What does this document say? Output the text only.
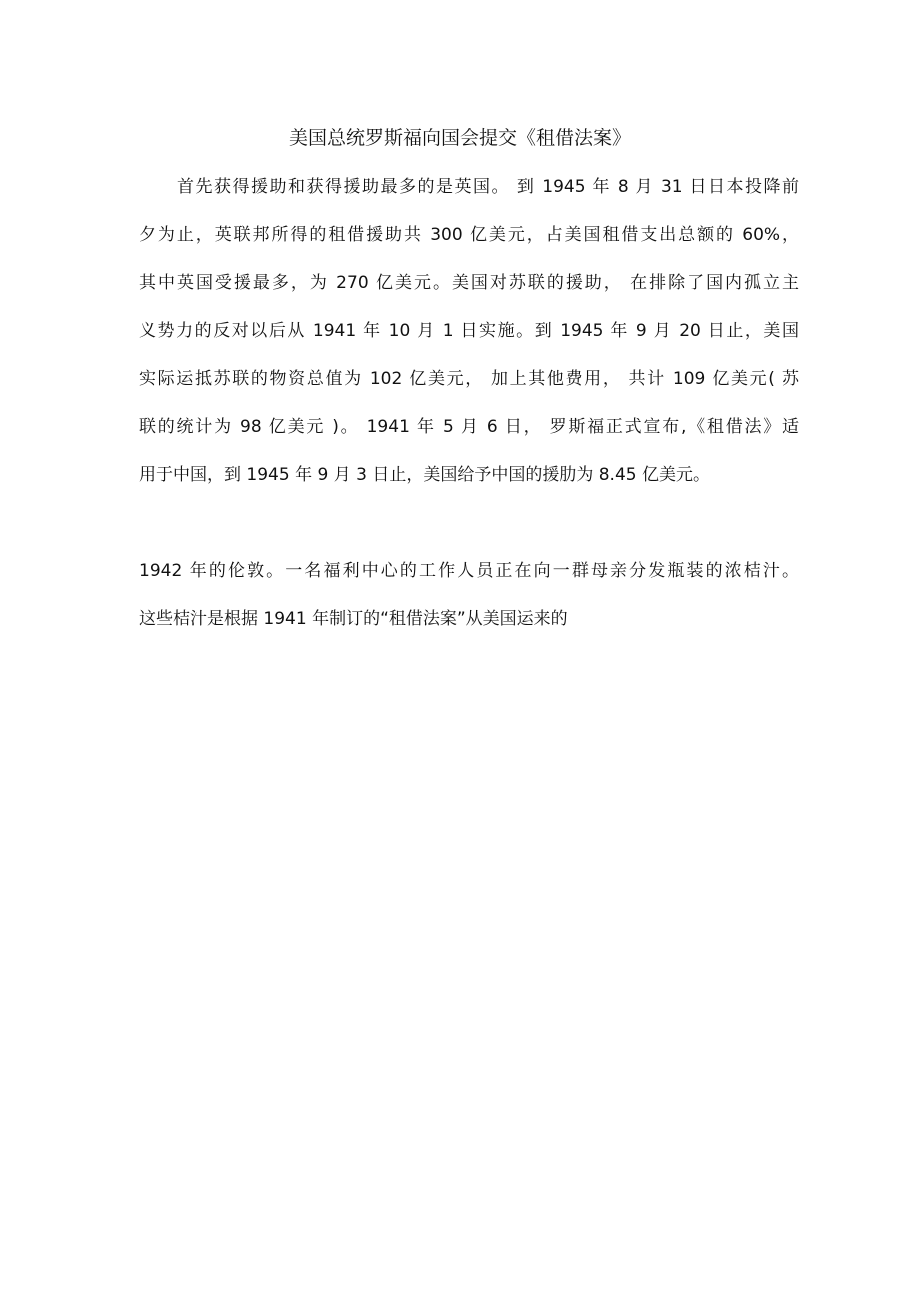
美国总统罗斯福向国会提交《租借法案》
首先获得援助和获得援助最多的是英国。 到 1945 年 8 月 31 日日本投降前
夕为止，英联邦所得的租借援助共 300 亿美元，占美国租借支出总额的 60%，
其中英国受援最多，为 270 亿美元。美国对苏联的援助， 在排除了国内孤立主
义势力的反对以后从 1941 年 10 月 1 日实施。到 1945 年 9 月 20 日止，美国
实际运抵苏联的物资总值为 102 亿美元， 加上其他费用， 共计 109 亿美元( 苏
联的统计为 98 亿美元 )。 1941 年 5 月 6 日， 罗斯福正式宣布,《租借法》适
用于中国，到 1945 年 9 月 3 日止，美国给予中国的援肋为 8.45 亿美元。
1942 年的伦敦。一名福利中心的工作人员正在向一群母亲分发瓶装的浓桔汁。
这些桔汁是根据 1941 年制订的“租借法案”从美国运来的
